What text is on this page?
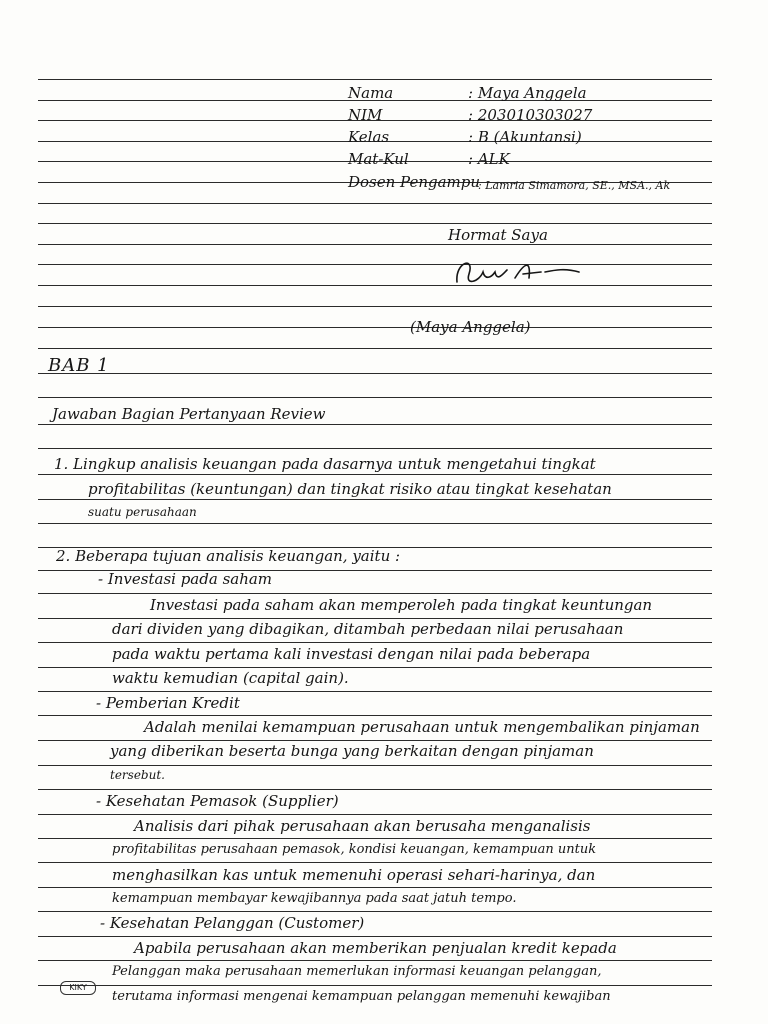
Nama	: Maya Anggela
NIM	: 203010303027
Kelas	: B (Akuntansi)
Mat-Kul	: ALK
Dosen Pengampu
: Lamria Simamora, SE., MSA., Ak
Hormat Saya
(Maya Anggela)
BAB 1
Jawaban Bagian Pertanyaan Review
1. Lingkup analisis keuangan pada dasarnya untuk mengetahui tingkat
profitabilitas (keuntungan) dan tingkat risiko atau tingkat kesehatan
suatu perusahaan
2. Beberapa tujuan analisis keuangan, yaitu :
- Investasi pada saham
Investasi pada saham akan memperoleh pada tingkat keuntungan
dari dividen yang dibagikan, ditambah perbedaan nilai perusahaan
pada waktu pertama kali investasi dengan nilai pada beberapa
waktu kemudian (capital gain).
- Pemberian Kredit
Adalah menilai kemampuan perusahaan untuk mengembalikan pinjaman
yang diberikan beserta bunga yang berkaitan dengan pinjaman
tersebut.
- Kesehatan Pemasok (Supplier)
Analisis dari pihak perusahaan akan berusaha menganalisis
profitabilitas perusahaan pemasok, kondisi keuangan, kemampuan untuk
menghasilkan kas untuk memenuhi operasi sehari-harinya, dan
kemampuan membayar kewajibannya pada saat jatuh tempo.
- Kesehatan Pelanggan (Customer)
Apabila perusahaan akan memberikan penjualan kredit kepada
Pelanggan maka perusahaan memerlukan informasi keuangan pelanggan,
terutama informasi mengenai kemampuan pelanggan memenuhi kewajiban
KIKY
